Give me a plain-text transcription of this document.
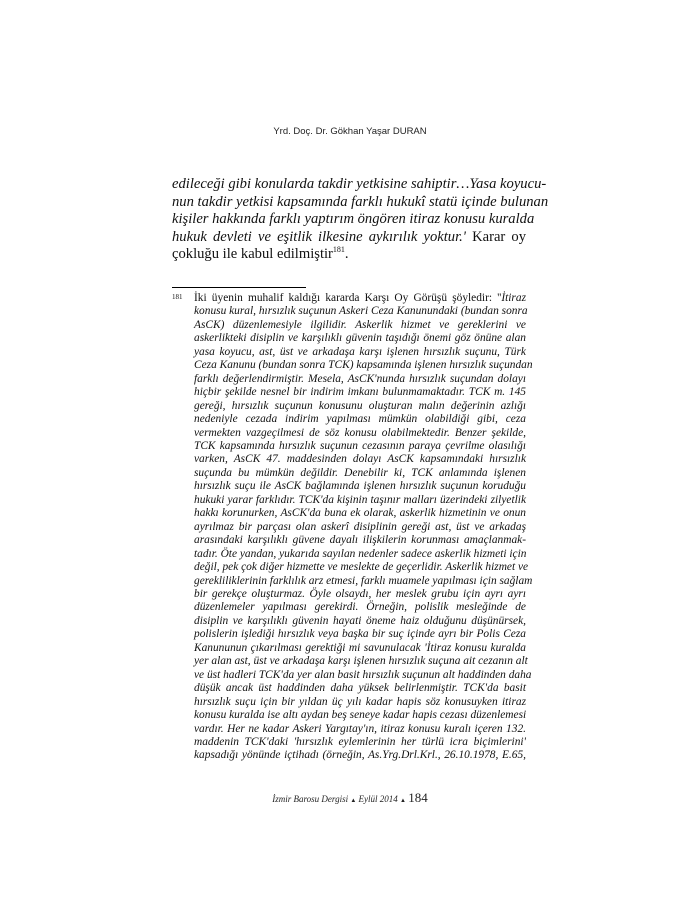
Yrd. Doç. Dr. Gökhan Yaşar DURAN
edileceği gibi konularda takdir yetkisine sahiptir…Yasa koyucu-
nun takdir yetkisi kapsamında farklı hukukî statü içinde bulunan
kişiler hakkında farklı yaptırım öngören itiraz konusu kuralda
hukuk devleti ve eşitlik ilkesine aykırılık yoktur.' Karar oy
çokluğu ile kabul edilmiştir$^{181}$.
181 İki üyenin muhalif kaldığı kararda Karşı Oy Görüşü şöyledir: ''İtiraz
konusu kural, hırsızlık suçunun Askeri Ceza Kanunundaki (bundan sonra
AsCK) düzenlemesiyle ilgilidir. Askerlik hizmet ve gereklerini ve
askerlikteki disiplin ve karşılıklı güvenin taşıdığı önemi göz önüne alan
yasa koyucu, ast, üst ve arkadaşa karşı işlenen hırsızlık suçunu, Türk
Ceza Kanunu (bundan sonra TCK) kapsamında işlenen hırsızlık suçundan
farklı değerlendirmiştir. Mesela, AsCK'nunda hırsızlık suçundan dolayı
hiçbir şekilde nesnel bir indirim imkanı bulunmamaktadır. TCK m. 145
gereği, hırsızlık suçunun konusunu oluşturan malın değerinin azlığı
nedeniyle cezada indirim yapılması mümkün olabildiği gibi, ceza
vermekten vazgeçilmesi de söz konusu olabilmektedir. Benzer şekilde,
TCK kapsamında hırsızlık suçunun cezasının paraya çevrilme olasılığı
varken, AsCK 47. maddesinden dolayı AsCK kapsamındaki hırsızlık
suçunda bu mümkün değildir. Denebilir ki, TCK anlamında işlenen
hırsızlık suçu ile AsCK bağlamında işlenen hırsızlık suçunun koruduğu
hukuki yarar farklıdır. TCK'da kişinin taşınır malları üzerindeki zilyetlik
hakkı korunurken, AsCK'da buna ek olarak, askerlik hizmetinin ve onun
ayrılmaz bir parçası olan askerî disiplinin gereği ast, üst ve arkadaş
arasındaki karşılıklı güvene dayalı ilişkilerin korunması amaçlanmak-
tadır. Öte yandan, yukarıda sayılan nedenler sadece askerlik hizmeti için
değil, pek çok diğer hizmette ve meslekte de geçerlidir. Askerlik hizmet ve
gerekliliklerinin farklılık arz etmesi, farklı muamele yapılması için sağlam
bir gerekçe oluşturmaz. Öyle olsaydı, her meslek grubu için ayrı ayrı
düzenlemeler yapılması gerekirdi. Örneğin, polislik mesleğinde de
disiplin ve karşılıklı güvenin hayati öneme haiz olduğunu düşünürsek,
polislerin işlediği hırsızlık veya başka bir suç içinde ayrı bir Polis Ceza
Kanununun çıkarılması gerektiği mi savunulacak 'İtiraz konusu kuralda
yer alan ast, üst ve arkadaşa karşı işlenen hırsızlık suçuna ait cezanın alt
ve üst hadleri TCK'da yer alan basit hırsızlık suçunun alt haddinden daha
düşük ancak üst haddinden daha yüksek belirlenmiştir. TCK'da basit
hırsızlık suçu için bir yıldan üç yılı kadar hapis söz konusuyken itiraz
konusu kuralda ise altı aydan beş seneye kadar hapis cezası düzenlemesi
vardır. Her ne kadar Askeri Yargıtay'ın, itiraz konusu kuralı içeren 132.
maddenin TCK'daki 'hırsızlık eylemlerinin her türlü icra biçimlerini'
kapsadığı yönünde içtihadı (örneğin, As.Yrg.Drl.Krl., 26.10.1978, E.65,
İzmir Barosu Dergisi ▲ Eylül 2014 ▲ 184
